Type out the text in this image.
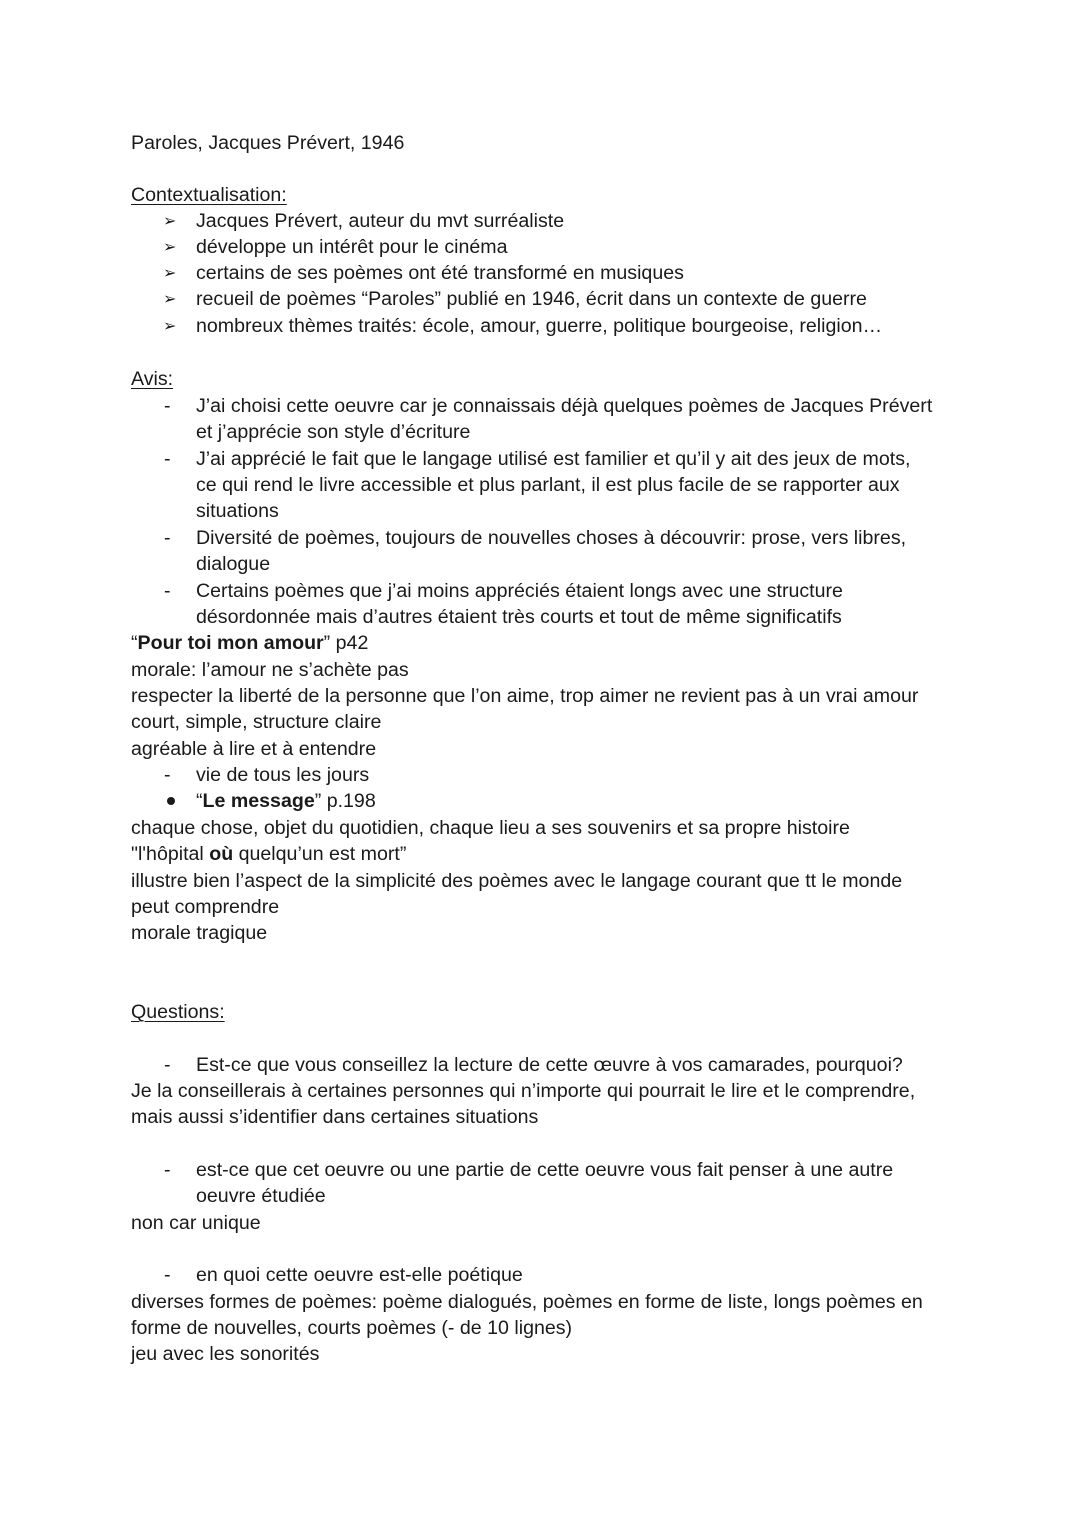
Paroles, Jacques Prévert, 1946
Contextualisation:
➢ Jacques Prévert, auteur du mvt surréaliste
➢ développe un intérêt pour le cinéma
➢ certains de ses poèmes ont été transformé en musiques
➢ recueil de poèmes “Paroles” publié en 1946, écrit dans un contexte de guerre
➢ nombreux thèmes traités: école, amour, guerre, politique bourgeoise, religion…
Avis:
- J’ai choisi cette oeuvre car je connaissais déjà quelques poèmes de Jacques Prévert
et j’apprécie son style d’écriture
- J’ai apprécié le fait que le langage utilisé est familier et qu’il y ait des jeux de mots,
ce qui rend le livre accessible et plus parlant, il est plus facile de se rapporter aux
situations
- Diversité de poèmes, toujours de nouvelles choses à découvrir: prose, vers libres,
dialogue
- Certains poèmes que j’ai moins appréciés étaient longs avec une structure
désordonnée mais d’autres étaient très courts et tout de même significatifs
“Pour toi mon amour” p42
morale: l’amour ne s’achète pas
respecter la liberté de la personne que l’on aime, trop aimer ne revient pas à un vrai amour
court, simple, structure claire
agréable à lire et à entendre
- vie de tous les jours
“Le message” p.198
chaque chose, objet du quotidien, chaque lieu a ses souvenirs et sa propre histoire
"l'hôpital où quelqu’un est mort”
illustre bien l’aspect de la simplicité des poèmes avec le langage courant que tt le monde
peut comprendre
morale tragique
Questions:
- Est-ce que vous conseillez la lecture de cette œuvre à vos camarades, pourquoi?
Je la conseillerais à certaines personnes qui n’importe qui pourrait le lire et le comprendre,
mais aussi s’identifier dans certaines situations
- est-ce que cet oeuvre ou une partie de cette oeuvre vous fait penser à une autre
oeuvre étudiée
non car unique
- en quoi cette oeuvre est-elle poétique
diverses formes de poèmes: poème dialogués, poèmes en forme de liste, longs poèmes en
forme de nouvelles, courts poèmes (- de 10 lignes)
jeu avec les sonorités
